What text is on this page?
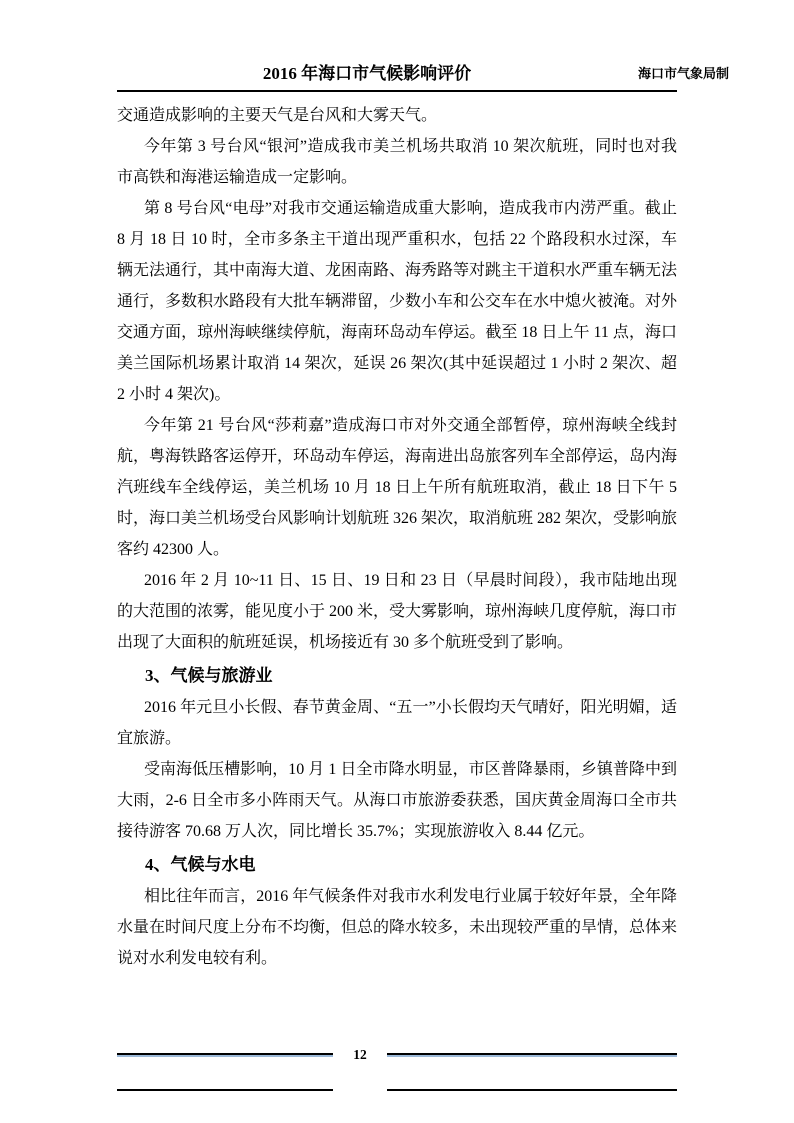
2016 年海口市气候影响评价	海口市气象局制

交通造成影响的主要天气是台风和大雾天气。

今年第 3 号台风“银河”造成我市美兰机场共取消 10 架次航班，同时也对我市高铁和海港运输造成一定影响。

第 8 号台风“电母”对我市交通运输造成重大影响，造成我市内涝严重。截止 8 月 18 日 10 时，全市多条主干道出现严重积水，包括 22 个路段积水过深，车辆无法通行，其中南海大道、龙困南路、海秀路等对跳主干道积水严重车辆无法通行，多数积水路段有大批车辆滞留，少数小车和公交车在水中熄火被淹。对外交通方面，琼州海峡继续停航，海南环岛动车停运。截至 18 日上午 11 点，海口美兰国际机场累计取消 14 架次，延误 26 架次(其中延误超过 1 小时 2 架次、超 2 小时 4 架次)。

今年第 21 号台风“莎莉嘉”造成海口市对外交通全部暂停，琼州海峡全线封航，粤海铁路客运停开，环岛动车停运，海南进出岛旅客列车全部停运，岛内海汽班线车全线停运，美兰机场 10 月 18 日上午所有航班取消，截止 18 日下午 5 时，海口美兰机场受台风影响计划航班 326 架次，取消航班 282 架次，受影响旅客约 42300 人。

2016 年 2 月 10~11 日、15 日、19 日和 23 日（早晨时间段），我市陆地出现的大范围的浓雾，能见度小于 200 米，受大雾影响，琼州海峡几度停航，海口市出现了大面积的航班延误，机场接近有 30 多个航班受到了影响。

3、气候与旅游业

2016 年元旦小长假、春节黄金周、“五一”小长假均天气晴好，阳光明媚，适宜旅游。

受南海低压槽影响，10 月 1 日全市降水明显，市区普降暴雨，乡镇普降中到大雨，2-6 日全市多小阵雨天气。从海口市旅游委获悉，国庆黄金周海口全市共接待游客 70.68 万人次，同比增长 35.7%；实现旅游收入 8.44 亿元。

4、气候与水电

相比往年而言，2016 年气候条件对我市水利发电行业属于较好年景，全年降水量在时间尺度上分布不均衡，但总的降水较多，未出现较严重的旱情，总体来说对水利发电较有利。

12
